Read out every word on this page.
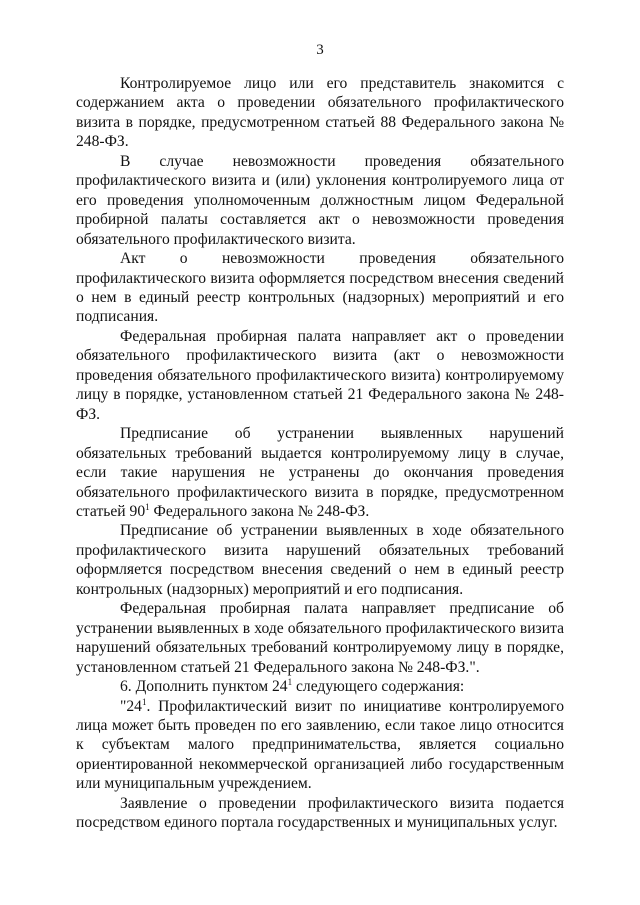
3

Контролируемое лицо или его представитель знакомится с содержанием акта о проведении обязательного профилактического визита в порядке, предусмотренном статьей 88 Федерального закона № 248-ФЗ.

В случае невозможности проведения обязательного профилактического визита и (или) уклонения контролируемого лица от его проведения уполномоченным должностным лицом Федеральной пробирной палаты составляется акт о невозможности проведения обязательного профилактического визита.

Акт о невозможности проведения обязательного профилактического визита оформляется посредством внесения сведений о нем в единый реестр контрольных (надзорных) мероприятий и его подписания.

Федеральная пробирная палата направляет акт о проведении обязательного профилактического визита (акт о невозможности проведения обязательного профилактического визита) контролируемому лицу в порядке, установленном статьей 21 Федерального закона № 248-ФЗ.

Предписание об устранении выявленных нарушений обязательных требований выдается контролируемому лицу в случае, если такие нарушения не устранены до окончания проведения обязательного профилактического визита в порядке, предусмотренном статьей $90^1$ Федерального закона № 248-ФЗ.

Предписание об устранении выявленных в ходе обязательного профилактического визита нарушений обязательных требований оформляется посредством внесения сведений о нем в единый реестр контрольных (надзорных) мероприятий и его подписания.

Федеральная пробирная палата направляет предписание об устранении выявленных в ходе обязательного профилактического визита нарушений обязательных требований контролируемому лицу в порядке, установленном статьей 21 Федерального закона № 248-ФЗ.".

6. Дополнить пунктом $24^1$ следующего содержания:

"$24^1$. Профилактический визит по инициативе контролируемого лица может быть проведен по его заявлению, если такое лицо относится к субъектам малого предпринимательства, является социально ориентированной некоммерческой организацией либо государственным или муниципальным учреждением.

Заявление о проведении профилактического визита подается посредством единого портала государственных и муниципальных услуг.
